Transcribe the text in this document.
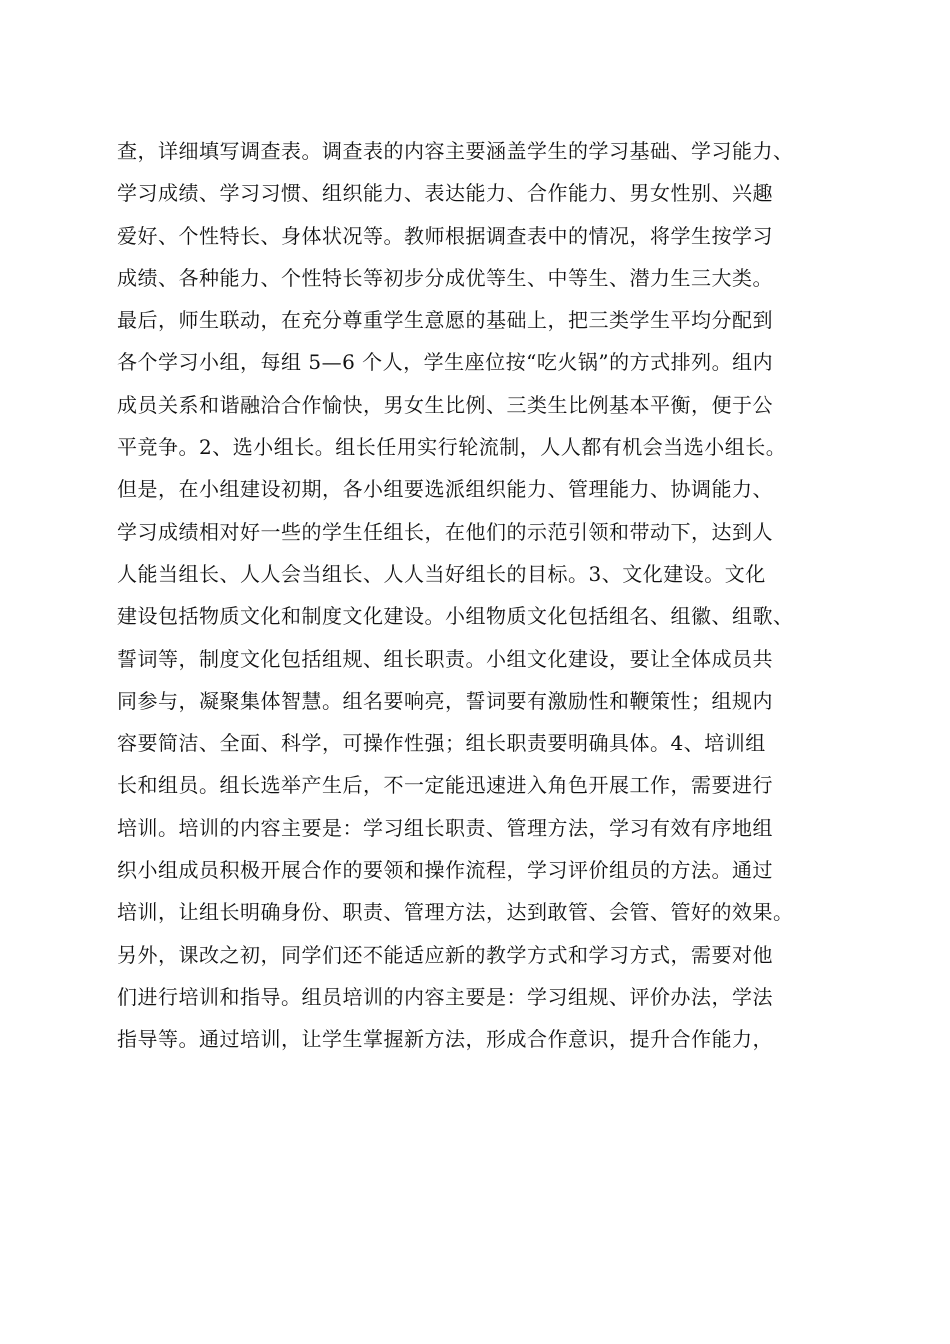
查，详细填写调查表。调查表的内容主要涵盖学生的学习基础、学习能力、
学习成绩、学习习惯、组织能力、表达能力、合作能力、男女性别、兴趣
爱好、个性特长、身体状况等。教师根据调查表中的情况，将学生按学习
成绩、各种能力、个性特长等初步分成优等生、中等生、潜力生三大类。
最后，师生联动，在充分尊重学生意愿的基础上，把三类学生平均分配到
各个学习小组，每组 5—6 个人，学生座位按“吃火锅”的方式排列。组内
成员关系和谐融洽合作愉快，男女生比例、三类生比例基本平衡，便于公
平竞争。2、选小组长。组长任用实行轮流制，人人都有机会当选小组长。
但是，在小组建设初期，各小组要选派组织能力、管理能力、协调能力、
学习成绩相对好一些的学生任组长，在他们的示范引领和带动下，达到人
人能当组长、人人会当组长、人人当好组长的目标。3、文化建设。文化
建设包括物质文化和制度文化建设。小组物质文化包括组名、组徽、组歌、
誓词等，制度文化包括组规、组长职责。小组文化建设，要让全体成员共
同参与，凝聚集体智慧。组名要响亮，誓词要有激励性和鞭策性；组规内
容要简洁、全面、科学，可操作性强；组长职责要明确具体。4、培训组
长和组员。组长选举产生后，不一定能迅速进入角色开展工作，需要进行
培训。培训的内容主要是：学习组长职责、管理方法，学习有效有序地组
织小组成员积极开展合作的要领和操作流程，学习评价组员的方法。通过
培训，让组长明确身份、职责、管理方法，达到敢管、会管、管好的效果。
另外，课改之初，同学们还不能适应新的教学方式和学习方式，需要对他
们进行培训和指导。组员培训的内容主要是：学习组规、评价办法，学法
指导等。通过培训，让学生掌握新方法，形成合作意识，提升合作能力，
